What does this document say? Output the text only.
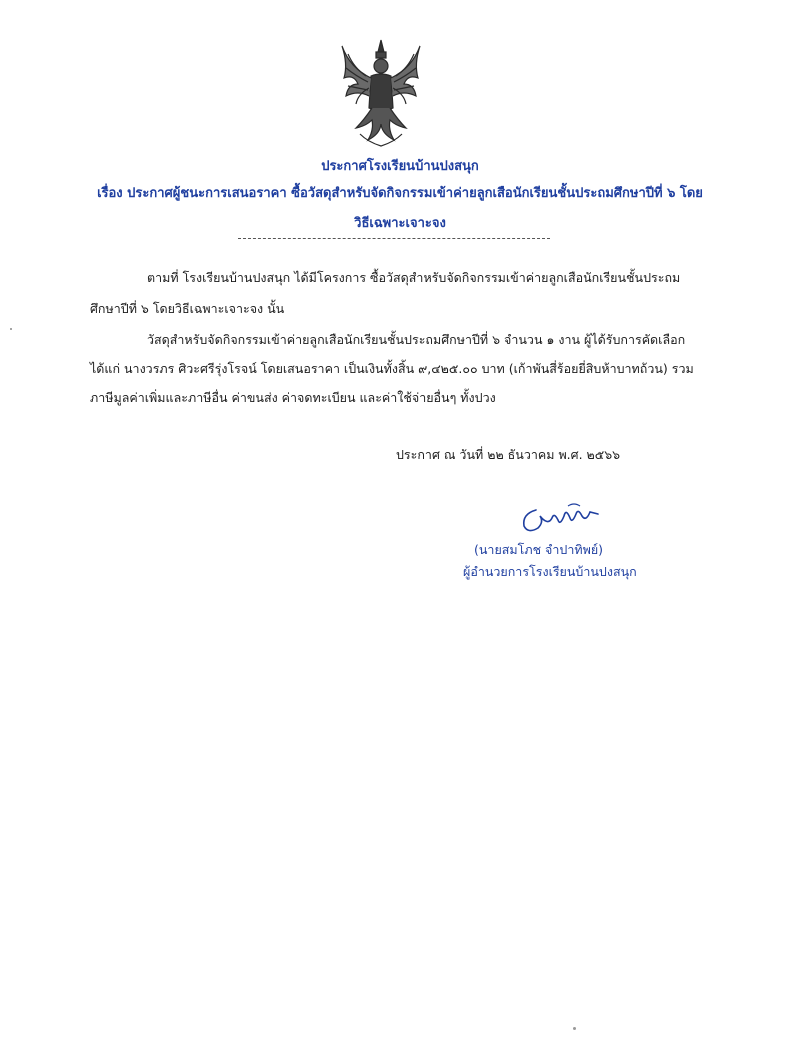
ประกาศโรงเรียนบ้านปงสนุก
เรื่อง ประกาศผู้ชนะการเสนอราคา ซื้อวัสดุสำหรับจัดกิจกรรมเข้าค่ายลูกเสือนักเรียนชั้นประถมศึกษาปีที่ ๖ โดย
วิธีเฉพาะเจาะจง
ตามที่ โรงเรียนบ้านปงสนุก ได้มีโครงการ ซื้อวัสดุสำหรับจัดกิจกรรมเข้าค่ายลูกเสือนักเรียนชั้นประถม
ศึกษาปีที่ ๖ โดยวิธีเฉพาะเจาะจง นั้น
วัสดุสำหรับจัดกิจกรรมเข้าค่ายลูกเสือนักเรียนชั้นประถมศึกษาปีที่ ๖ จำนวน ๑ งาน ผู้ได้รับการคัดเลือก
ได้แก่ นางวรภร ศิวะศรีรุ่งโรจน์ โดยเสนอราคา เป็นเงินทั้งสิ้น ๙,๔๒๕.๐๐ บาท (เก้าพันสี่ร้อยยี่สิบห้าบาทถ้วน) รวม
ภาษีมูลค่าเพิ่มและภาษีอื่น ค่าขนส่ง ค่าจดทะเบียน และค่าใช้จ่ายอื่นๆ ทั้งปวง
ประกาศ ณ วันที่ ๒๒ ธันวาคม พ.ศ. ๒๕๖๖
(นายสมโภช จำปาทิพย์)
ผู้อำนวยการโรงเรียนบ้านปงสนุก
